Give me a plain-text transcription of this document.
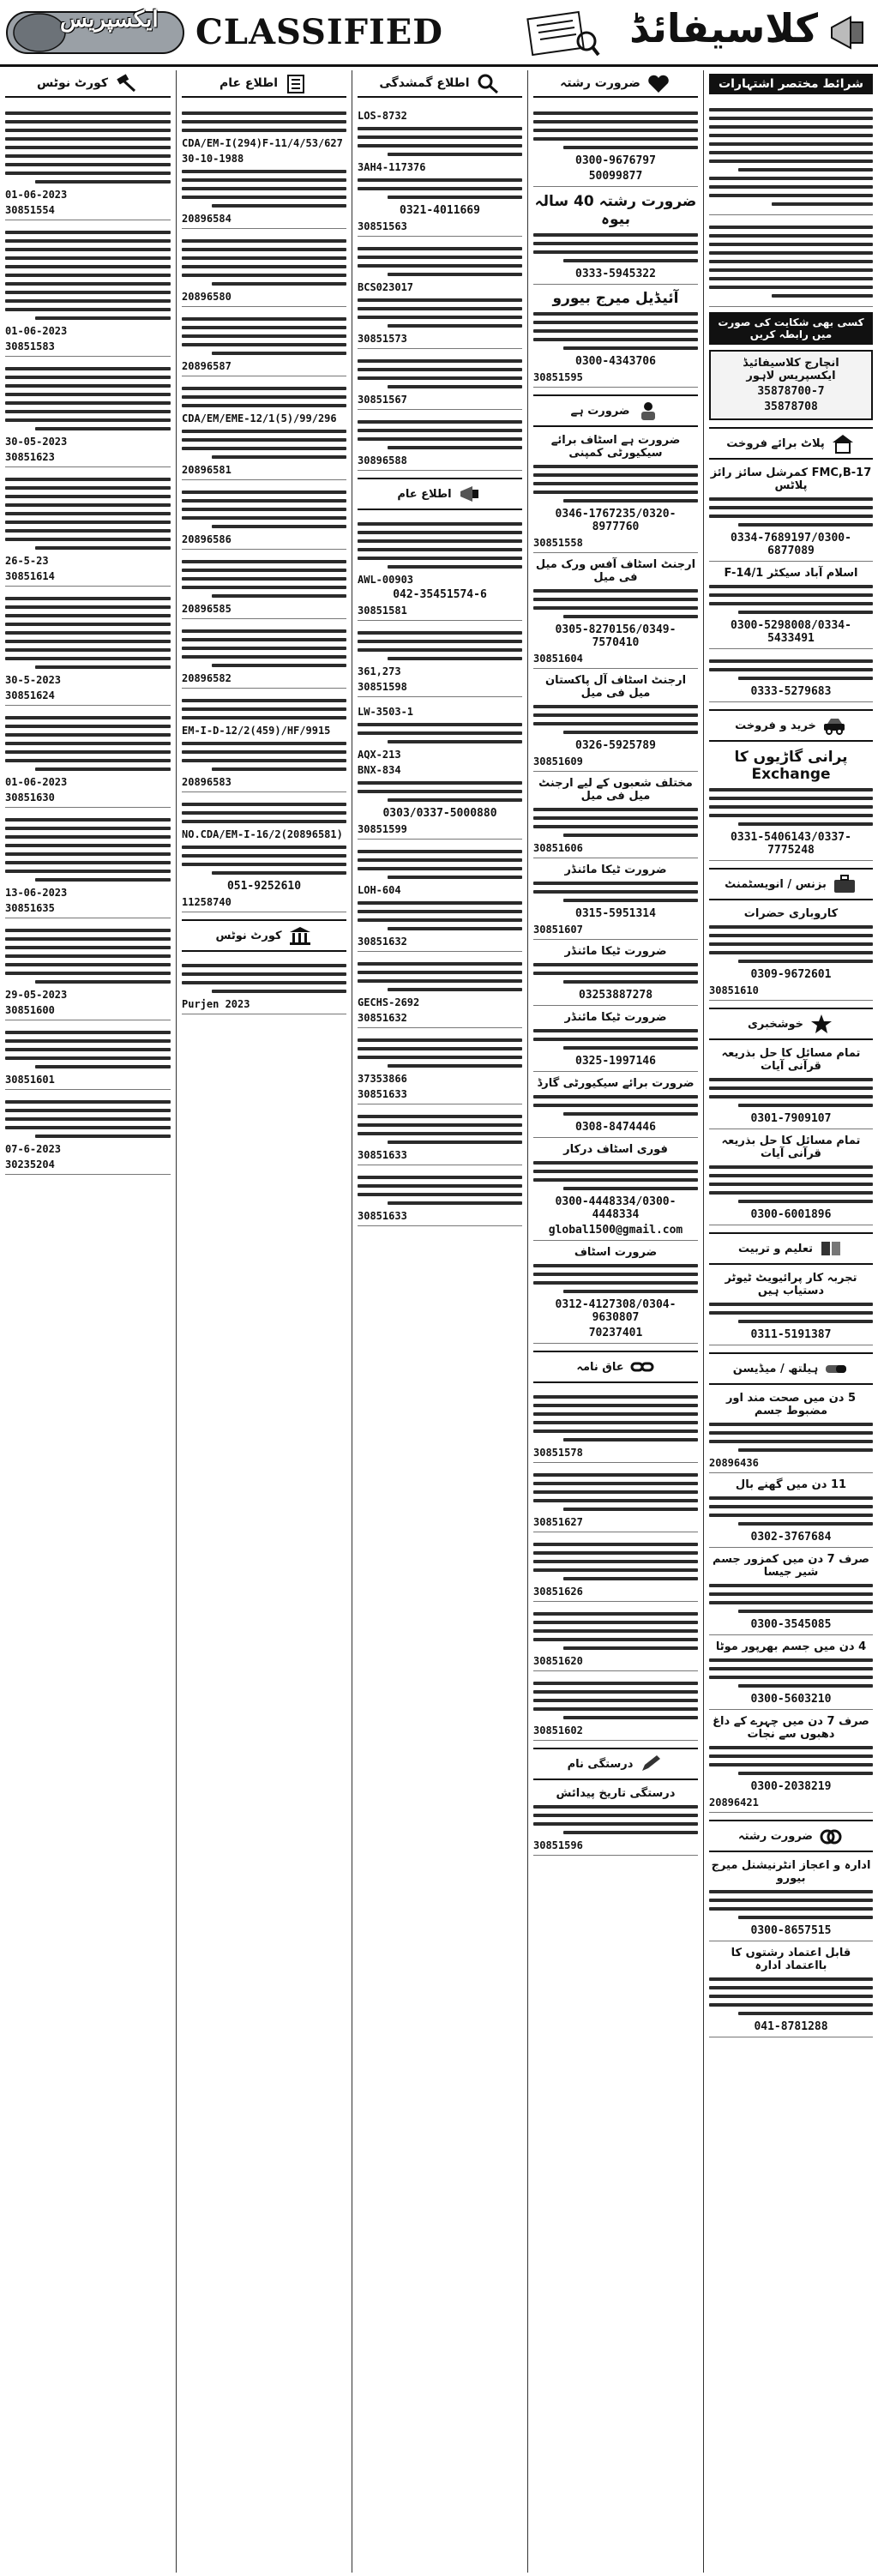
ایکسپریس CLASSIFIED	کلاسیفائڈ
شرائط مختصر اشتہارات
کسی بھی شکایت کی صورت میں رابطہ کریں
انچارج کلاسیفائیڈ ایکسپریس لاہور
35878700-7
35878708
پلاٹ برائے فروخت
FMC,B-17 کمرشل سائز رائز پلاٹس
0334-7689197/0300-6877089
اسلام آباد سیکٹر F-14/1
0300-5298008/0334-5433491
0333-5279683
خرید و فروخت
پرانی گاڑیوں کا Exchange
0331-5406143/0337-7775248
بزنس / انویسٹمنٹ
کاروباری حضرات
0309-9672601
30851610
خوشخبری
تمام مسائل کا حل بذریعہ قرآنی آیات
0301-7909107
تمام مسائل کا حل بذریعہ قرآنی آیات
0300-6001896
تعلیم و تربیت
تجربہ کار پرائیویٹ ٹیوٹر دستیاب ہیں
0311-5191387
ہیلتھ / میڈیسن
5 دن میں صحت مند اور مضبوط جسم
20896436
11 دن میں گھنے بال
0302-3767684
صرف 7 دن میں کمزور جسم شیر جیسا
0300-3545085
4 دن میں جسم بھرپور موٹا
0300-5603210
صرف 7 دن میں چہرے کے داغ دھبوں سے نجات
0300-2038219
20896421
ضرورت رشتہ
ادارہ و اعجاز انٹرنیشنل میرج بیورو
0300-8657515
قابل اعتماد رشتوں کا بااعتماد ادارہ
041-8781288
ضرورت رشتہ
0300-9676797
50099877
ضرورت رشتہ 40 سالہ بیوہ
0333-5945322
آئیڈیل میرج بیورو
0300-4343706
30851595
ضرورت ہے
ضرورت ہے اسٹاف برائے سیکیورٹی کمپنی
0346-1767235/0320-8977760
30851558
ارجنٹ اسٹاف آفس ورک میل فی میل
0305-8270156/0349-7570410
30851604
ارجنٹ اسٹاف آل پاکستان میل فی میل
0326-5925789
30851609
مختلف شعبوں کے لیے ارجنٹ میل فی میل
30851606
ضرورت ٹیکا مائنڈر
0315-5951314
30851607
ضرورت ٹیکا مائنڈر
03253887278
ضرورت ٹیکا مائنڈر
0325-1997146
ضرورت برائے سیکیورٹی گارڈ
0308-8474446
فوری اسٹاف درکار
0300-4448334/0300-4448334
global1500@gmail.com
ضرورت اسٹاف
0312-4127308/0304-9630807
70237401
عاق نامہ
30851578
30851627
30851626
30851620
30851602
درستگی نام
درستگی تاریخ پیدائش
30851596
اطلاع گمشدگی
LOS-8732
3AH4-117376
0321-4011669
30851563
BCS023017
30851573
30851567
30896588
اطلاع عام
AWL-00903
042-35451574-6
30851581
361,273
30851598
LW-3503-1
AQX-213
BNX-834
0303/0337-5000880
30851599
LOH-604
30851632
GECHS-2692
30851632
37353866
30851633
30851633
30851633
اطلاع عام
CDA/EM-I(294)F-11/4/53/627
30-10-1988
20896584
20896580
20896587
CDA/EM/EME-12/1(5)/99/296
20896581
20896586
20896585
20896582
EM-I-D-12/2(459)/HF/9915
20896583
NO.CDA/EM-I-16/2(20896581)
051-9252610
11258740
کورٹ نوٹس
Purjen 2023
کورٹ نوٹس
01-06-2023
30851554
01-06-2023
30851583
30-05-2023
30851623
26-5-23
30851614
30-5-2023
30851624
01-06-2023
30851630
13-06-2023
30851635
29-05-2023
30851600
30851601
07-6-2023
30235204
